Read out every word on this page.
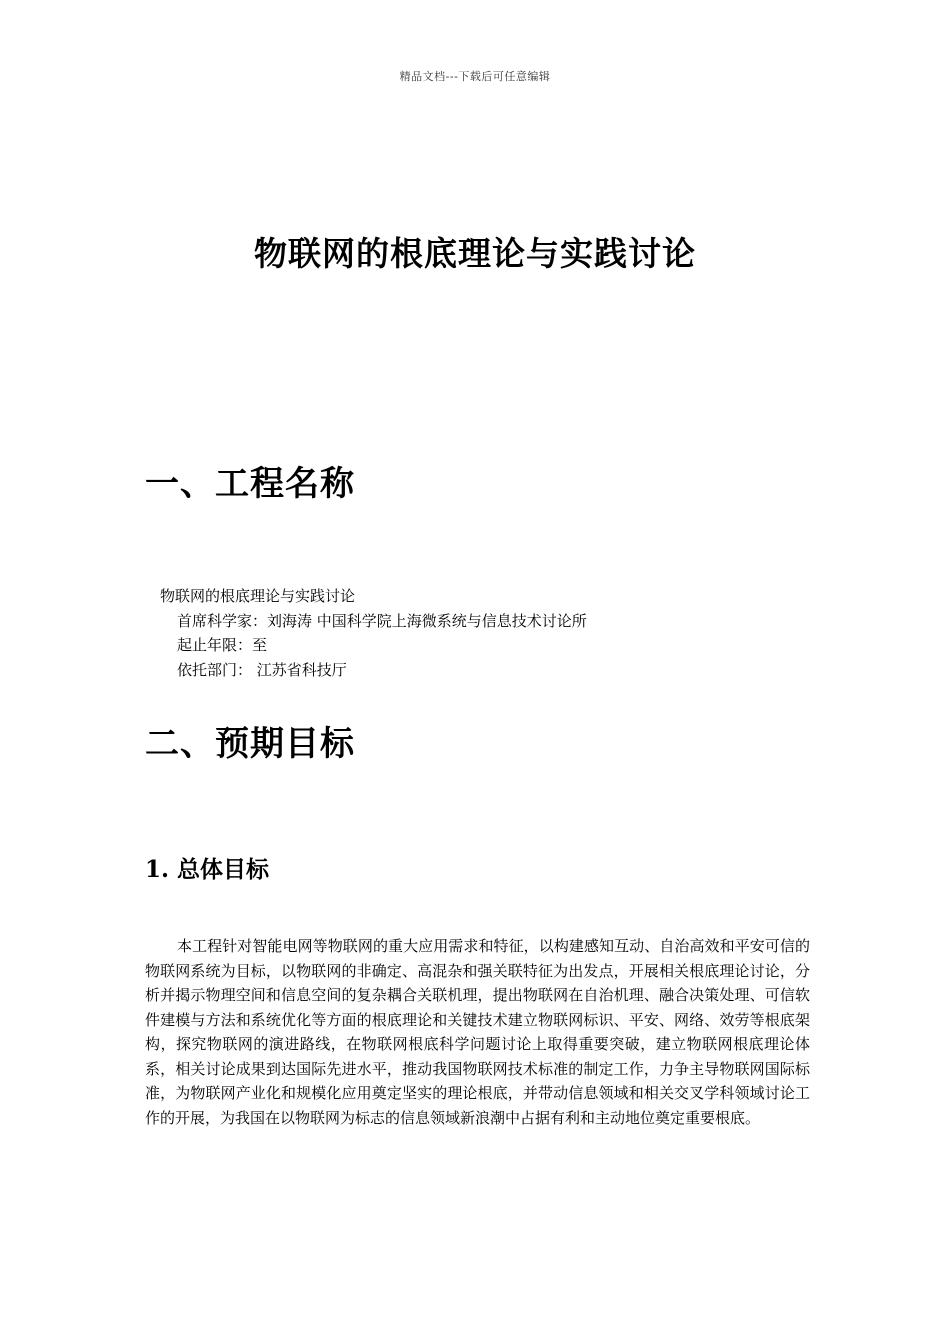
精品文档---下载后可任意编辑
物联网的根底理论与实践讨论
一、工程名称
物联网的根底理论与实践讨论
首席科学家：刘海涛 中国科学院上海微系统与信息技术讨论所
起止年限：至
依托部门： 江苏省科技厅
二、预期目标
1. 总体目标

本工程针对智能电网等物联网的重大应用需求和特征，以构建感知互动、自治高效和平安可信的物联网系统为目标，以物联网的非确定、高混杂和强关联特征为出发点，开展相关根底理论讨论，分析并揭示物理空间和信息空间的复杂耦合关联机理，提出物联网在自治机理、融合决策处理、可信软件建模与方法和系统优化等方面的根底理论和关键技术建立物联网标识、平安、网络、效劳等根底架构，探究物联网的演进路线，在物联网根底科学问题讨论上取得重要突破，建立物联网根底理论体系，相关讨论成果到达国际先进水平，推动我国物联网技术标准的制定工作，力争主导物联网国际标准，为物联网产业化和规模化应用奠定坚实的理论根底，并带动信息领域和相关交叉学科领域讨论工作的开展，为我国在以物联网为标志的信息领域新浪潮中占据有利和主动地位奠定重要根底。
